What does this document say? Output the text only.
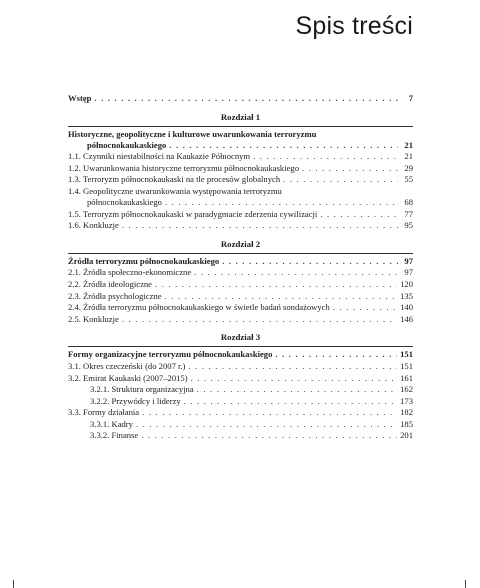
Spis treści
Wstęp . . .	7
Rozdział 1
Historyczne, geopolityczne i kulturowe uwarunkowania terroryzmu
północnokaukaskiego . . .	21
1.1. Czynniki niestabilności na Kaukazie Północnym . . .	21
1.2. Uwarunkowania historyczne terroryzmu północnokaukaskiego . . .	29
1.3. Terroryzm północnokaukaski na tle procesów globalnych . . .	55
1.4. Geopolityczne uwarunkowania występowania terroryzmu
północnokaukaskiego . . .	68
1.5. Terroryzm północnokaukaski w paradygmacie zderzenia cywilizacji . . .	77
1.6. Konkluzje . . .	95
Rozdział 2
Źródła terroryzmu północnokaukaskiego . . .	97
2.1. Źródła społeczno-ekonomiczne . . .	97
2.2. Źródła ideologiczne . . .	120
2.3. Źródła psychologiczne . . .	135
2.4. Źródła terroryzmu północnokaukaskiego w świetle badań sondażowych . . .	140
2.5. Konkluzje . . .	146
Rozdział 3
Formy organizacyjne terroryzmu północnokaukaskiego . . .	151
3.1. Okres czeczeński (do 2007 r.) . . .	151
3.2. Emirat Kaukaski (2007–2015) . . .	161
3.2.1. Struktura organizacyjna . . .	162
3.2.2. Przywódcy i liderzy . . .	173
3.3. Formy działania . . .	182
3.3.1. Kadry . . .	185
3.3.2. Finanse . . .	201
